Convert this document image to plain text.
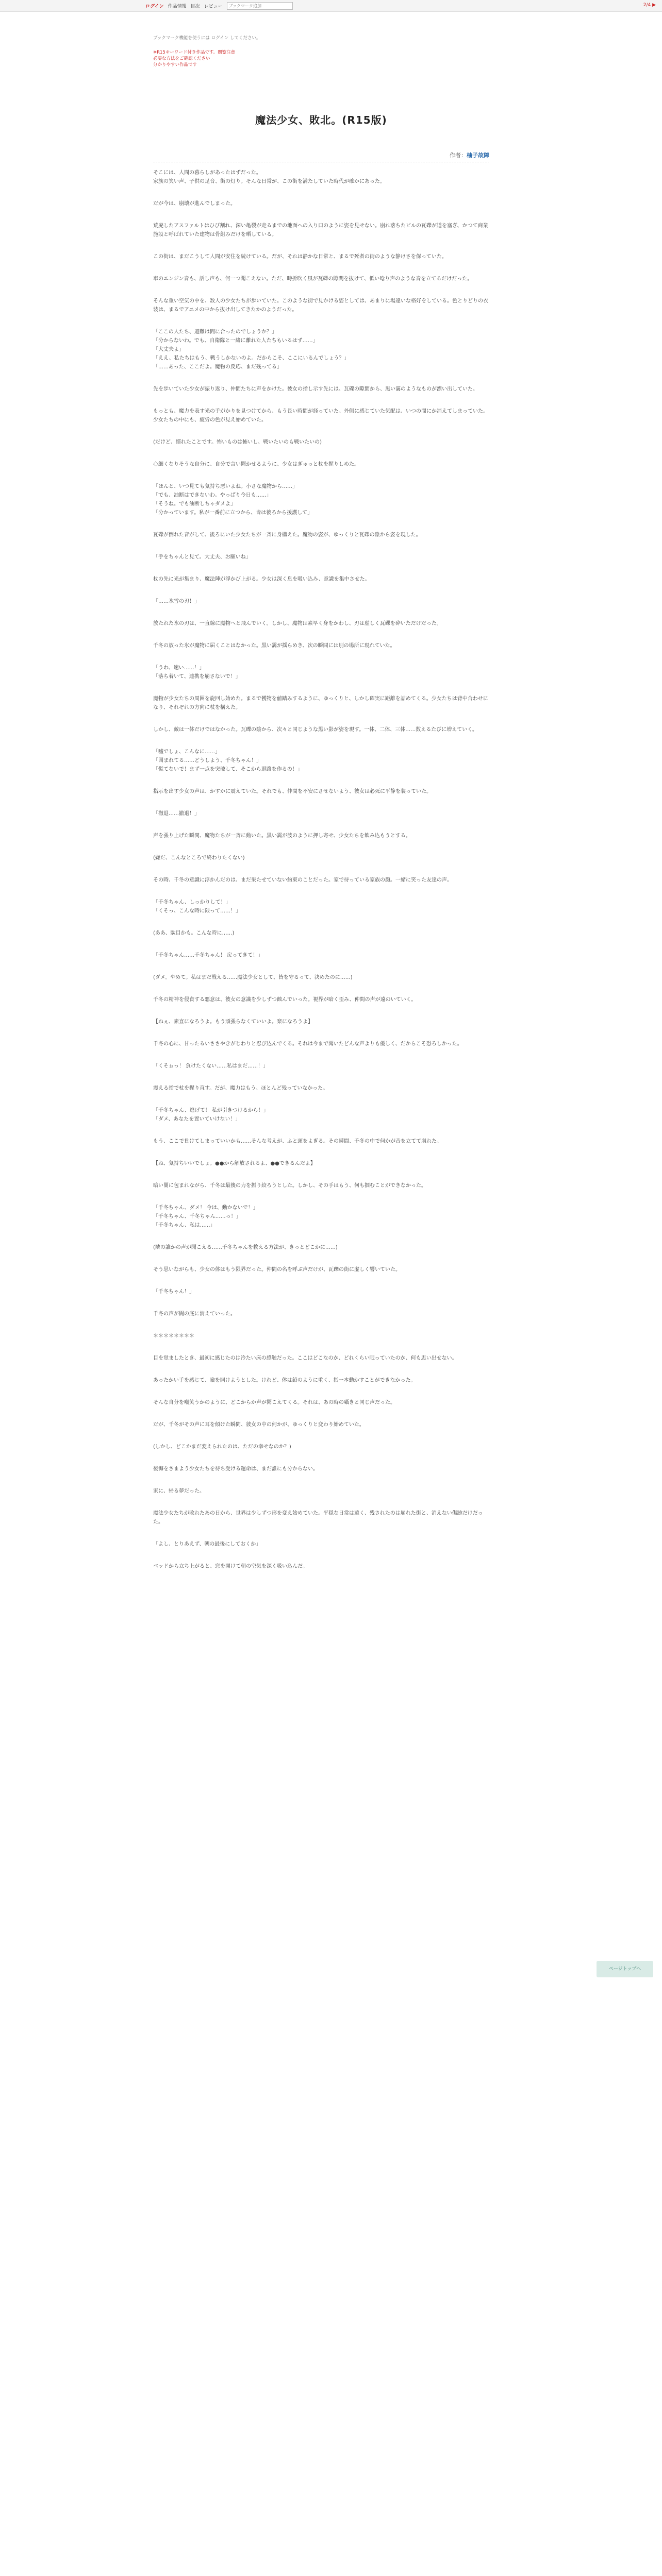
ログイン 作品情報 目次 レビュー
ブックマーク追加	2/4 ▶
ブックマーク機能を使うには ログイン してください。
※R15キーワード付き作品です。閲覧注意
必要な方法をご確認ください
分かりやすい作品です
魔法少女、敗北。(R15版)
作者：柚子故障

そこには、人間の暮らしがあったはずだった。
家族の笑い声、子供の足音、街の灯り。そんな日常が、この街を満たしていた時代が確かにあった。

だが今は、崩壊が進んでしまった。

荒廃したアスファルトはひび割れ、深い亀裂が走るまでの地面への入り口のように姿を見せない。崩れ落ちたビルの瓦礫が道を塞ぎ、かつて商業施設と呼ばれていた建物は骨組みだけを晒している。

この街は、まだこうして人間が安住を続けている。だが、それは静かな日常と、まるで死者の街のような静けさを保っていた。

車のエンジン音も、話し声も、何一つ聞こえない。ただ、時折吹く風が瓦礫の隙間を抜けて、低い唸り声のような音を立てるだけだった。

そんな重い空気の中を、数人の少女たちが歩いていた。このような街で見かける姿としては、あまりに場違いな格好をしている。色とりどりの衣装は、まるでアニメの中から抜け出してきたかのようだった。

「ここの人たち、避難は間に合ったのでしょうか？」
「分からないわ。でも、自衛隊と一緒に離れた人たちもいるはず……」
「大丈夫よ」
「ええ、私たちはもう、戦うしかないのよ。だからこそ、ここにいるんでしょう？」
「……あった、ここだよ。魔物の反応、まだ残ってる」

先を歩いていた少女が振り返り、仲間たちに声をかけた。彼女の指し示す先には、瓦礫の隙間から、黒い靄のようなものが漂い出していた。

もっとも、魔力を表す光の手がかりを見つけてから、もう長い時間が経っていた。外側に感じていた気配は、いつの間にか消えてしまっていた。少女たちの中にも、疲労の色が見え始めていた。

(だけど、慣れたことです。怖いものは怖いし、戦いたいのも戦いたいの)

心細くなりそうな自分に、自分で言い聞かせるように、少女はぎゅっと杖を握りしめた。

「ほんと、いつ見ても気持ち悪いよね。小さな魔物から……」
「でも、油断はできないわ。やっぱり今日も……」
「そうね。でも油断しちゃダメよ」
「分かっています。私が一番前に立つから、皆は後ろから援護して」

瓦礫が倒れた音がして、後ろにいた少女たちが一斉に身構えた。魔物の姿が、ゆっくりと瓦礫の陰から姿を現した。

「手をちゃんと見て。大丈夫、お願いね」

杖の先に光が集まり、魔法陣が浮かび上がる。少女は深く息を吸い込み、意識を集中させた。

「……氷雪の刃！」

放たれた氷の刃は、一直線に魔物へと飛んでいく。しかし、魔物は素早く身をかわし、刃は虚しく瓦礫を砕いただけだった。

千冬の放った氷が魔物に届くことはなかった。黒い靄が揺らめき、次の瞬間には別の場所に現れていた。

「うわ、速い……！」
「落ち着いて、連携を崩さないで！」

魔物が少女たちの周囲を旋回し始めた。まるで獲物を値踏みするように、ゆっくりと、しかし確実に距離を詰めてくる。少女たちは背中合わせになり、それぞれの方向に杖を構えた。

しかし、敵は一体だけではなかった。瓦礫の陰から、次々と同じような黒い影が姿を現す。一体、二体、三体……数えるたびに増えていく。

「嘘でしょ、こんなに……」
「囲まれてる……どうしよう、千冬ちゃん！」
「慌てないで！まず一点を突破して、そこから退路を作るの！」

指示を出す少女の声は、かすかに震えていた。それでも、仲間を不安にさせないよう、彼女は必死に平静を装っていた。

「撤退……撤退！」

声を張り上げた瞬間、魔物たちが一斉に動いた。黒い靄が波のように押し寄せ、少女たちを飲み込もうとする。

(嫌だ、こんなところで終わりたくない)

その時、千冬の意識に浮かんだのは、まだ果たせていない約束のことだった。家で待っている家族の顔。一緒に笑った友達の声。

「千冬ちゃん、しっかりして！」
「くそっ、こんな時に限って……！」

(ああ、駄目かも。こんな時に……)

「千冬ちゃん……千冬ちゃん！ 戻ってきて！」

(ダメ。やめて。私はまだ戦える……魔法少女として、皆を守るって、決めたのに……)

千冬の精神を侵食する悪意は、彼女の意識を少しずつ蝕んでいった。視界が暗く歪み、仲間の声が遠のいていく。

【ねぇ、素直になろうよ。もう頑張らなくていいよ。楽になろうよ】

千冬の心に、甘ったるいささやきがじわりと忍び込んでくる。それは今まで聞いたどんな声よりも優しく、だからこそ恐ろしかった。

「くそぉっ！ 負けたくない……私はまだ……！」

震える指で杖を握り直す。だが、魔力はもう、ほとんど残っていなかった。

「千冬ちゃん、逃げて！ 私が引きつけるから！」
「ダメ、あなたを置いていけない！」

もう、ここで負けてしまっていいかも……そんな考えが、ふと頭をよぎる。その瞬間、千冬の中で何かが音を立てて崩れた。

【ね、気持ちいいでしょ。●●から解放されるよ、●●できるんだよ】

暗い闇に包まれながら、千冬は最後の力を振り絞ろうとした。しかし、その手はもう、何も掴むことができなかった。

「千冬ちゃん、ダメ！ 今は、動かないで！」
「千冬ちゃん、千冬ちゃん……っ！」
「千冬ちゃん、私は……」

(隣の誰かの声が聞こえる……千冬ちゃんを救える方法が、きっとどこかに……)

そう思いながらも、少女の体はもう限界だった。仲間の名を呼ぶ声だけが、瓦礫の街に虚しく響いていた。

「千冬ちゃん！」

千冬の声が闇の底に消えていった。

＊＊＊＊＊＊＊＊

目を覚ましたとき、最初に感じたのは冷たい床の感触だった。ここはどこなのか、どれくらい眠っていたのか、何も思い出せない。

あったかい手を感じて、瞼を開けようとした。けれど、体は鉛のように重く、指一本動かすことができなかった。

そんな自分を嘲笑うかのように、どこからか声が聞こえてくる。それは、あの時の囁きと同じ声だった。

だが、千冬がその声に耳を傾けた瞬間、彼女の中の何かが、ゆっくりと変わり始めていた。

(しかし、どこかまだ変えられたのは、ただの幸せなのか？)

後悔をさまよう少女たちを待ち受ける運命は、まだ誰にも分からない。

家に、帰る夢だった。

魔法少女たちが敗れたあの日から、世界は少しずつ形を変え始めていた。平穏な日常は遠く、残されたのは崩れた街と、消えない傷跡だけだった。

「よし、とりあえず、朝の最後にしておくか」

ベッドから立ち上がると、窓を開けて朝の空気を深く吸い込んだ。

ページトップへ
